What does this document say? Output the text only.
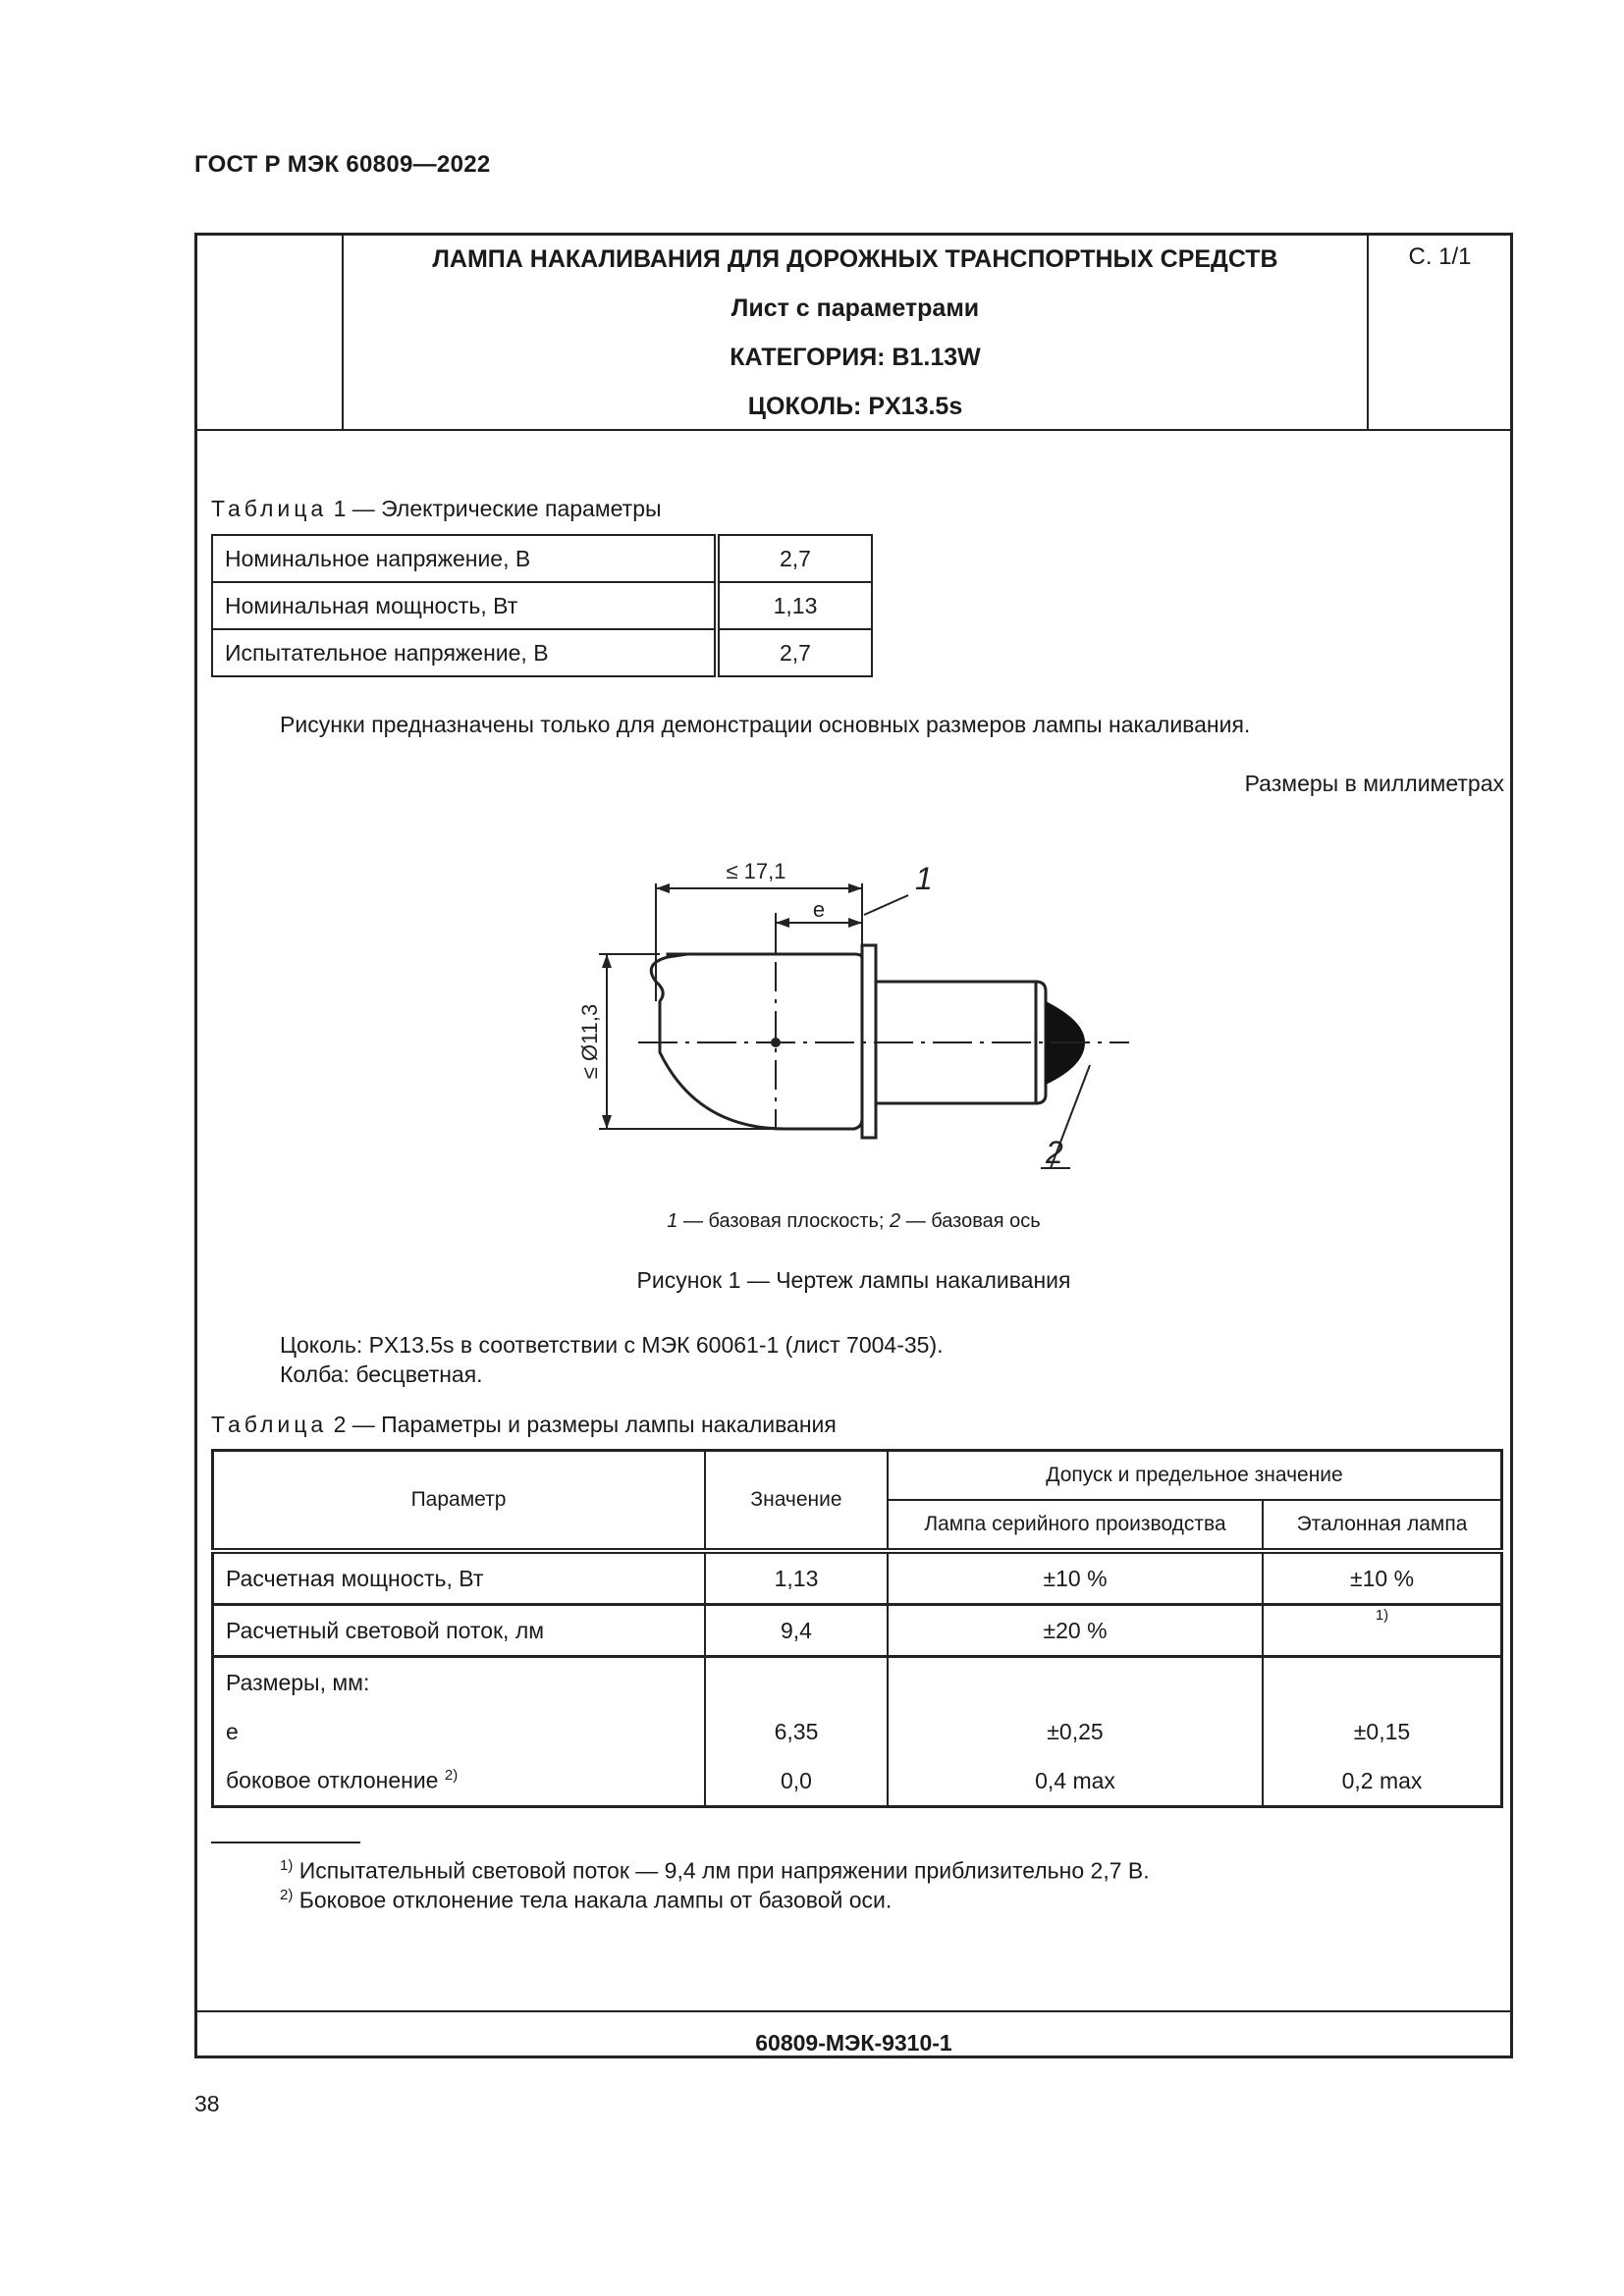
ГОСТ Р МЭК 60809—2022
ЛАМПА НАКАЛИВАНИЯ ДЛЯ ДОРОЖНЫХ ТРАНСПОРТНЫХ СРЕДСТВ
Лист с параметрами
КАТЕГОРИЯ: B1.13W
ЦОКОЛЬ: PX13.5s
С. 1/1
Таблица 1 — Электрические параметры
Номинальное напряжение, В	2,7
Номинальная мощность, Вт	1,13
Испытательное напряжение, В	2,7
Рисунки предназначены только для демонстрации основных размеров лампы накаливания.
Размеры в миллиметрах
≤ 17,1
e
≤ Ø11,3
1
2
1 — базовая плоскость; 2 — базовая ось
Рисунок 1 — Чертеж лампы накаливания
Цоколь: PX13.5s в соответствии с МЭК 60061-1 (лист 7004-35).
Колба: бесцветная.
Таблица 2 — Параметры и размеры лампы накаливания
Параметр	Значение	Допуск и предельное значение	
		Лампа серийного производства	Эталонная лампа
Расчетная мощность, Вт	1,13	±10 %	±10 %
Расчетный световой поток, лм	9,4	±20 %	$^{1)}$
Размеры, мм:			
e	6,35	±0,25	±0,15
боковое отклонение $^{2)}$	0,0	0,4 max	0,2 max
$^{1)}$ Испытательный световой поток — 9,4 лм при напряжении приблизительно 2,7 В.
$^{2)}$ Боковое отклонение тела накала лампы от базовой оси.
60809-МЭК-9310-1
38
